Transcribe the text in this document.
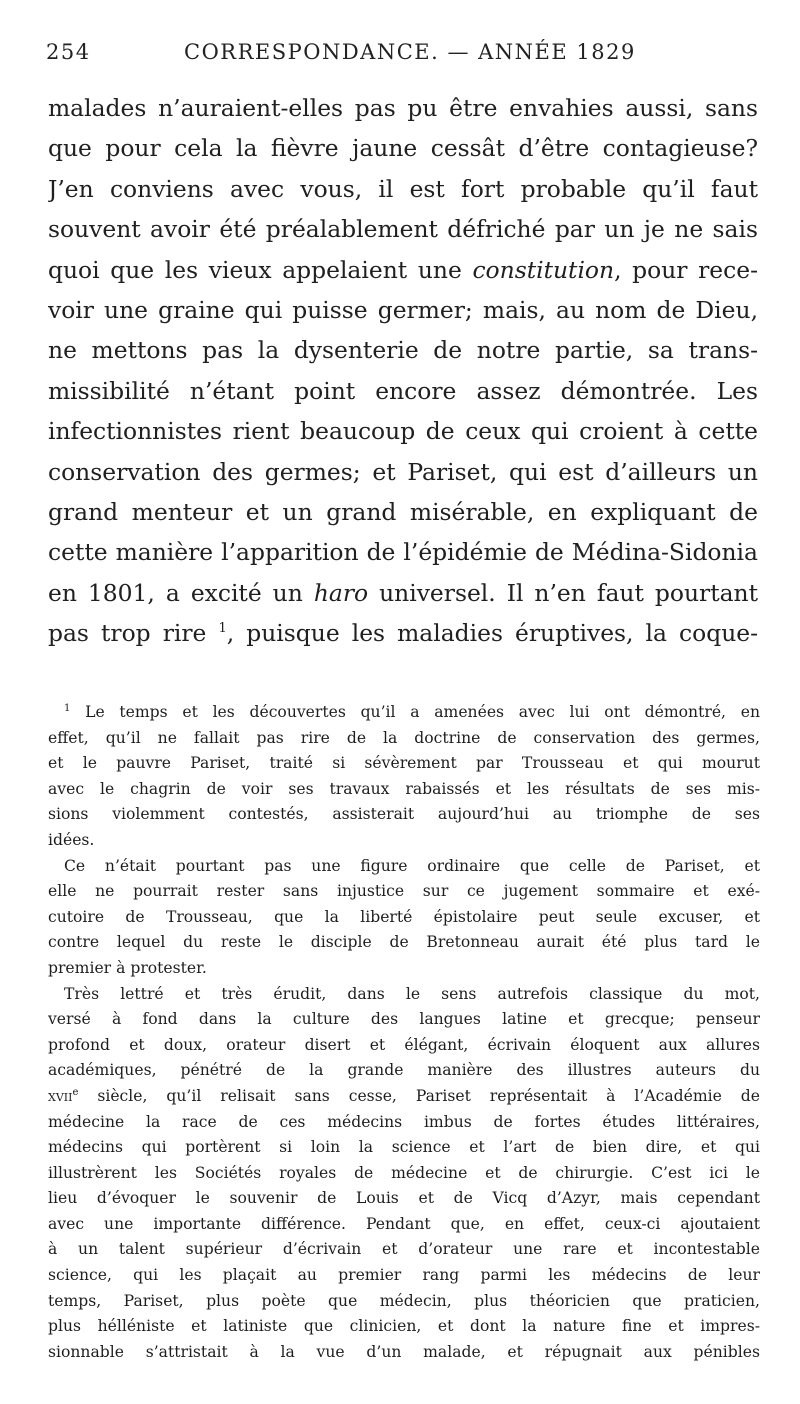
254	CORRESPONDANCE. — ANNÉE 1829
malades n’auraient-elles pas pu être envahies aussi, sans
que pour cela la fièvre jaune cessât d’être contagieuse?
J’en conviens avec vous, il est fort probable qu’il faut
souvent avoir été préalablement défriché par un je ne sais
quoi que les vieux appelaient une constitution, pour rece-
voir une graine qui puisse germer; mais, au nom de Dieu,
ne mettons pas la dysenterie de notre partie, sa trans-
missibilité n’étant point encore assez démontrée. Les
infectionnistes rient beaucoup de ceux qui croient à cette
conservation des germes; et Pariset, qui est d’ailleurs un
grand menteur et un grand misérable, en expliquant de
cette manière l’apparition de l’épidémie de Médina-Sidonia
en 1801, a excité un haro universel. Il n’en faut pourtant
pas trop rire $^1$, puisque les maladies éruptives, la coque-
$^1$ Le temps et les découvertes qu’il a amenées avec lui ont démontré, en
effet, qu’il ne fallait pas rire de la doctrine de conservation des germes,
et le pauvre Pariset, traité si sévèrement par Trousseau et qui mourut
avec le chagrin de voir ses travaux rabaissés et les résultats de ses mis-
sions violemment contestés, assisterait aujourd’hui au triomphe de ses
idées.
Ce n’était pourtant pas une figure ordinaire que celle de Pariset, et
elle ne pourrait rester sans injustice sur ce jugement sommaire et exé-
cutoire de Trousseau, que la liberté épistolaire peut seule excuser, et
contre lequel du reste le disciple de Bretonneau aurait été plus tard le
premier à protester.
Très lettré et très érudit, dans le sens autrefois classique du mot,
versé à fond dans la culture des langues latine et grecque; penseur
profond et doux, orateur disert et élégant, écrivain éloquent aux allures
académiques, pénétré de la grande manière des illustres auteurs du
xvii$^e$ siècle, qu’il relisait sans cesse, Pariset représentait à l’Académie de
médecine la race de ces médecins imbus de fortes études littéraires,
médecins qui portèrent si loin la science et l’art de bien dire, et qui
illustrèrent les Sociétés royales de médecine et de chirurgie. C’est ici le
lieu d’évoquer le souvenir de Louis et de Vicq d’Azyr, mais cependant
avec une importante différence. Pendant que, en effet, ceux-ci ajoutaient
à un talent supérieur d’écrivain et d’orateur une rare et incontestable
science, qui les plaçait au premier rang parmi les médecins de leur
temps, Pariset, plus poète que médecin, plus théoricien que praticien,
plus hélléniste et latiniste que clinicien, et dont la nature fine et impres-
sionnable s’attristait à la vue d’un malade, et répugnait aux pénibles
